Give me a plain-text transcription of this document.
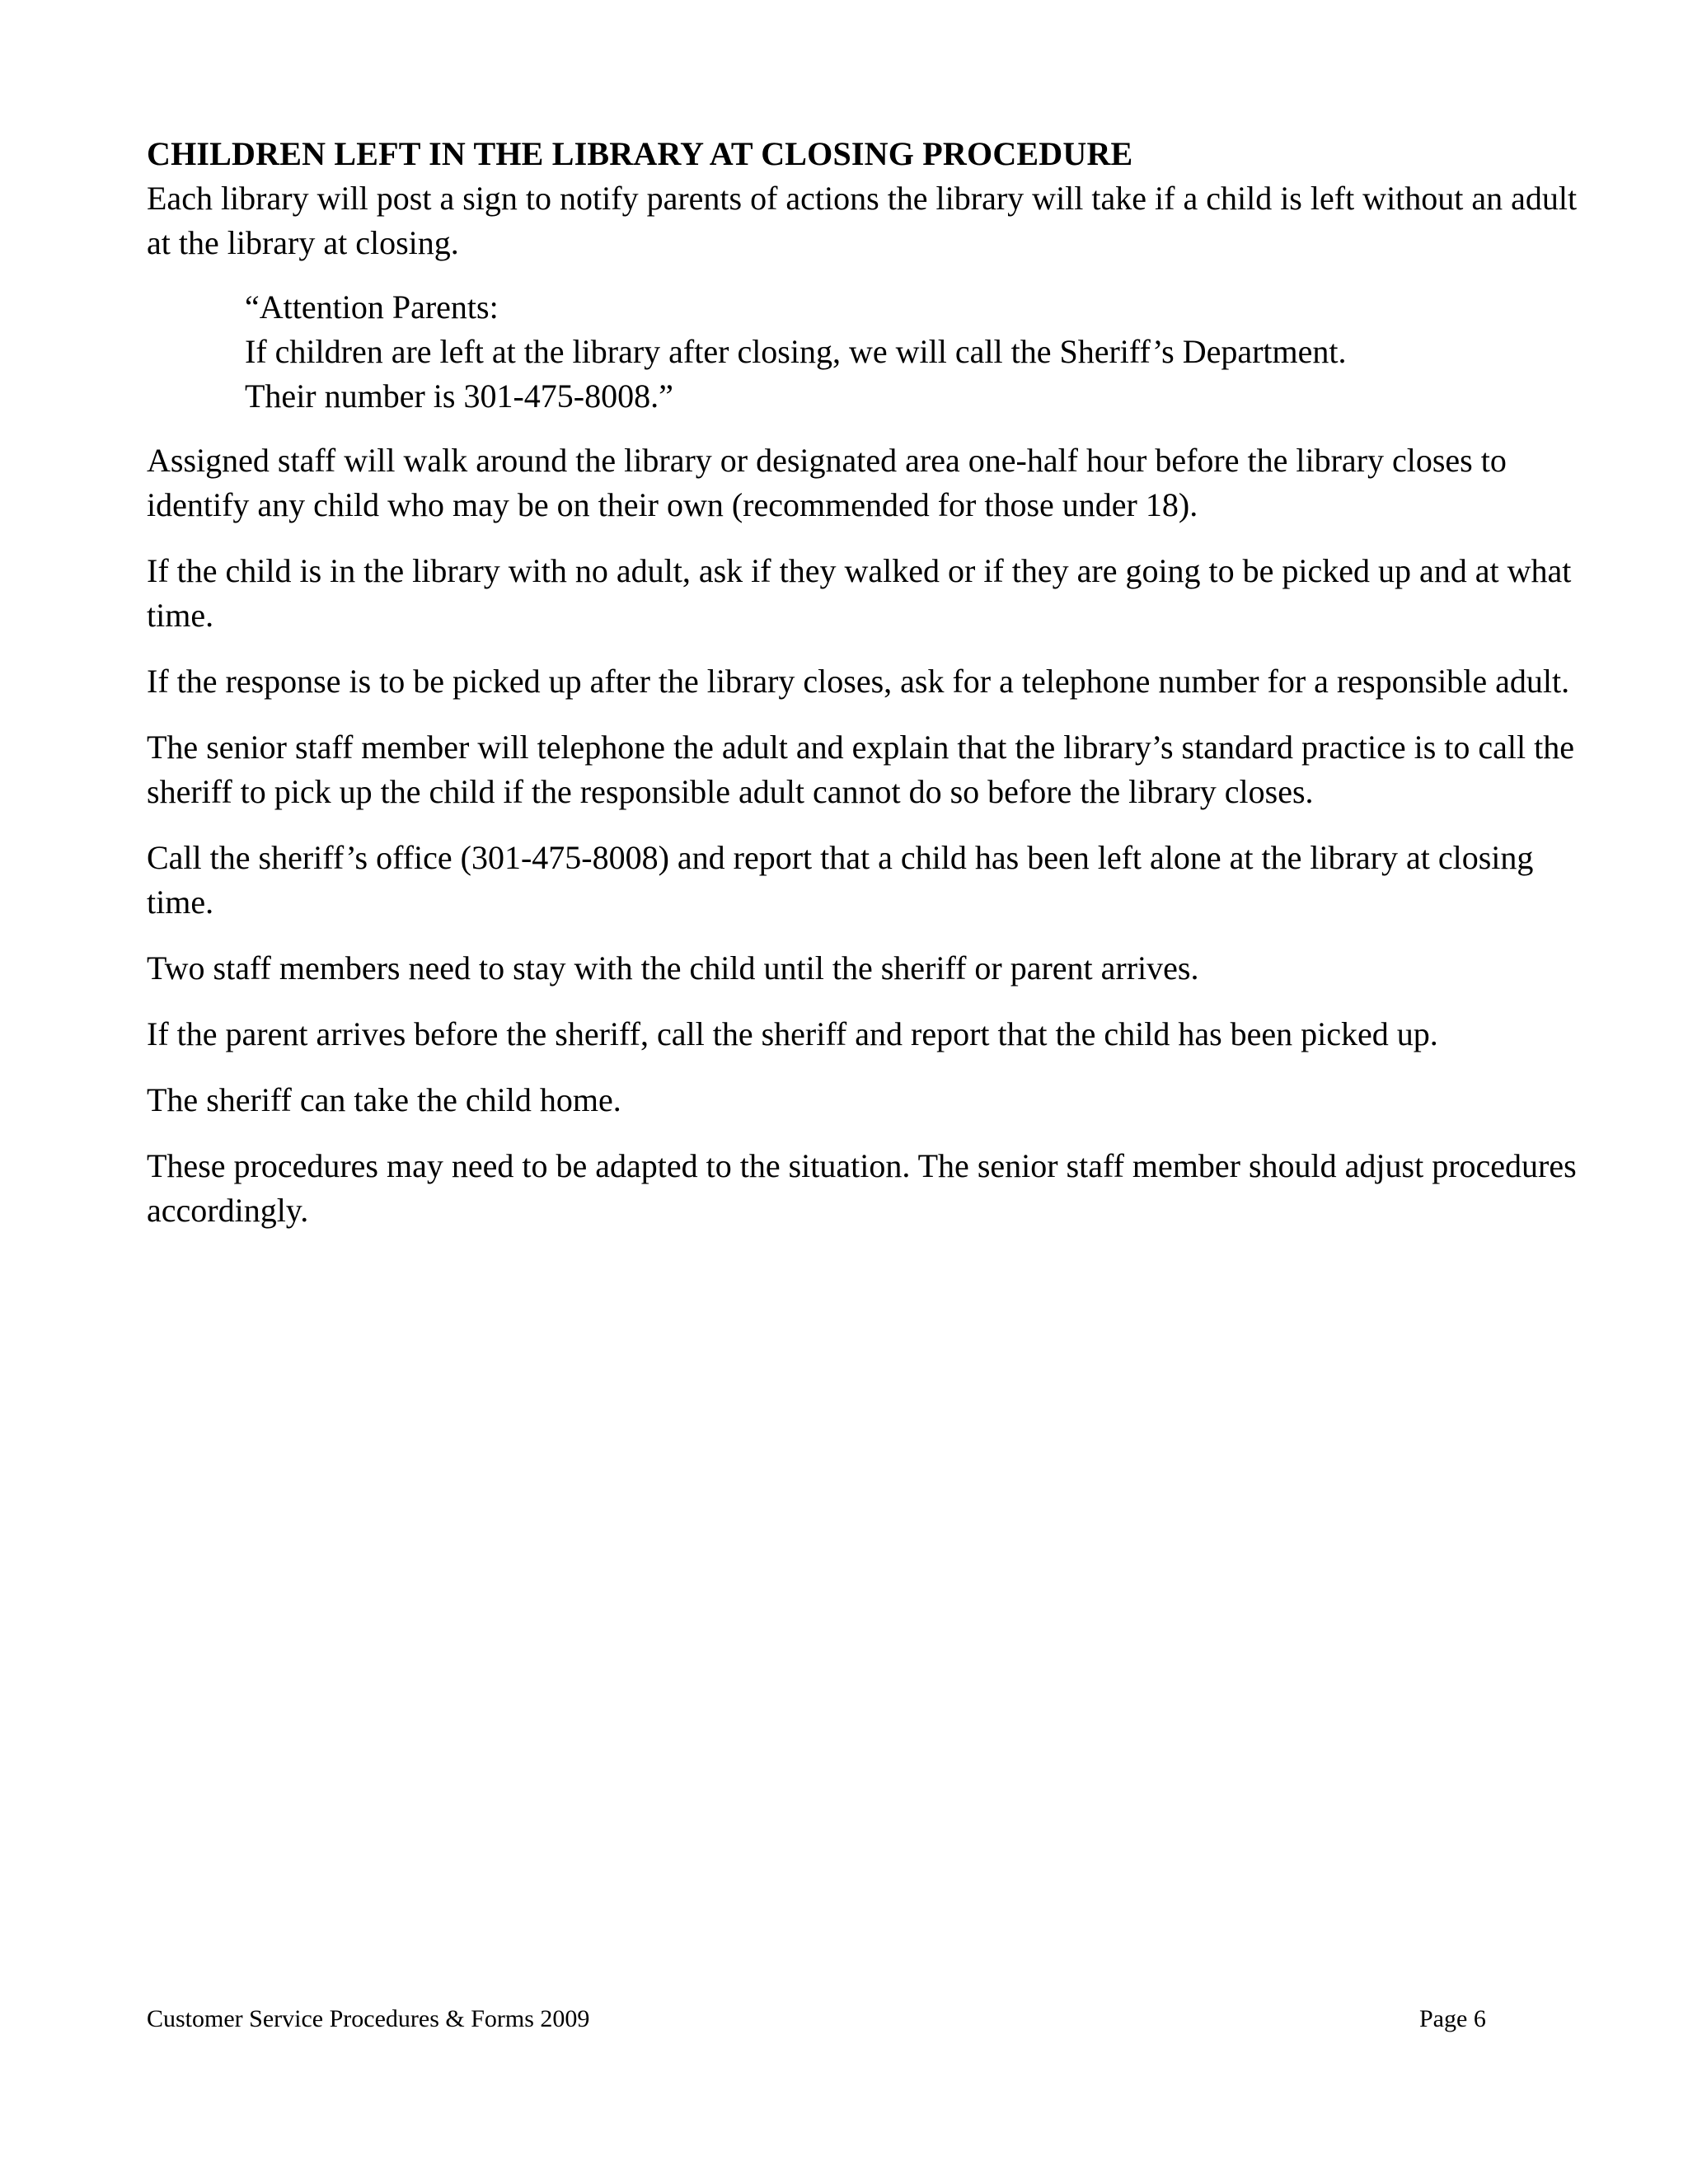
CHILDREN LEFT IN THE LIBRARY AT CLOSING PROCEDURE

Each library will post a sign to notify parents of actions the library will take if a child is left without an adult at the library at closing.

“Attention Parents:
If children are left at the library after closing, we will call the Sheriff’s Department.
Their number is 301-475-8008.”

Assigned staff will walk around the library or designated area one-half hour before the library closes to identify any child who may be on their own (recommended for those under 18).

If the child is in the library with no adult, ask if they walked or if they are going to be picked up and at what time.

If the response is to be picked up after the library closes, ask for a telephone number for a responsible adult.

The senior staff member will telephone the adult and explain that the library’s standard practice is to call the sheriff to pick up the child if the responsible adult cannot do so before the library closes.

Call the sheriff’s office (301-475-8008) and report that a child has been left alone at the library at closing time.

Two staff members need to stay with the child until the sheriff or parent arrives.

If the parent arrives before the sheriff, call the sheriff and report that the child has been picked up.

The sheriff can take the child home.

These procedures may need to be adapted to the situation. The senior staff member should adjust procedures accordingly.

Customer Service Procedures & Forms 2009	Page 6
